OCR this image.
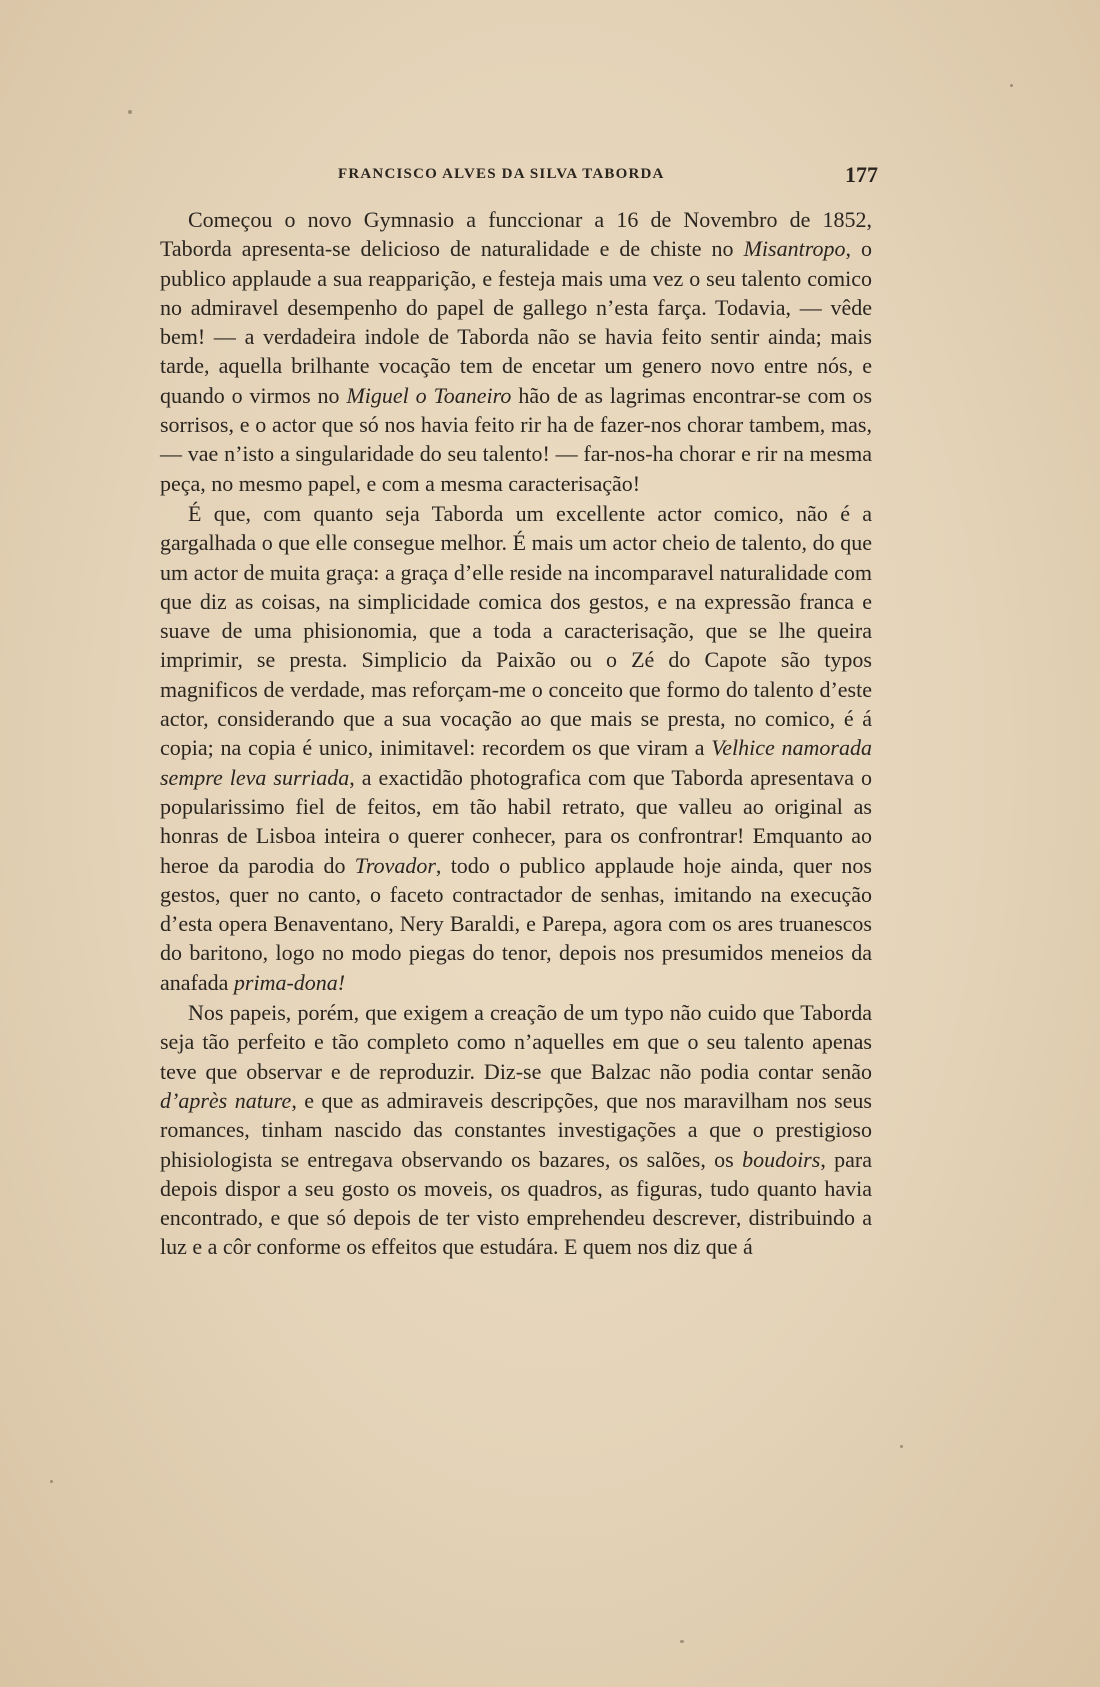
FRANCISCO ALVES DA SILVA TABORDA	177

Começou o novo Gymnasio a funccionar a 16 de Novembro de 1852, Taborda apresenta-se delicioso de naturalidade e de chiste no Misantropo, o publico applaude a sua reapparição, e festeja mais uma vez o seu talento comico no admiravel desempenho do papel de gallego n’esta farça. Todavia, — vêde bem! — a verdadeira indole de Taborda não se havia feito sentir ainda; mais tarde, aquella brilhante vocação tem de encetar um genero novo entre nós, e quando o virmos no Miguel o Toaneiro hão de as lagrimas encontrar-se com os sorrisos, e o actor que só nos havia feito rir ha de fazer-nos chorar tambem, mas, — vae n’isto a singularidade do seu talento! — far-nos-ha chorar e rir na mesma peça, no mesmo papel, e com a mesma caracterisação!

É que, com quanto seja Taborda um excellente actor comico, não é a gargalhada o que elle consegue melhor. É mais um actor cheio de talento, do que um actor de muita graça: a graça d’elle reside na incomparavel naturalidade com que diz as coisas, na simplicidade comica dos gestos, e na expressão franca e suave de uma phisionomia, que a toda a caracterisação, que se lhe queira imprimir, se presta. Simplicio da Paixão ou o Zé do Capote são typos magnificos de verdade, mas reforçam-me o conceito que formo do talento d’este actor, considerando que a sua vocação ao que mais se presta, no comico, é á copia; na copia é unico, inimitavel: recordem os que viram a Velhice namorada sempre leva surriada, a exactidão photografica com que Taborda apresentava o popularissimo fiel de feitos, em tão habil retrato, que valleu ao original as honras de Lisboa inteira o querer conhecer, para os confrontrar! Emquanto ao heroe da parodia do Trovador, todo o publico applaude hoje ainda, quer nos gestos, quer no canto, o faceto contractador de senhas, imitando na execução d’esta opera Benaventano, Nery Baraldi, e Parepa, agora com os ares truanescos do baritono, logo no modo piegas do tenor, depois nos presumidos meneios da anafada prima-dona!

Nos papeis, porém, que exigem a creação de um typo não cuido que Taborda seja tão perfeito e tão completo como n’aquelles em que o seu talento apenas teve que observar e de reproduzir. Diz-se que Balzac não podia contar senão d’après nature, e que as admiraveis descripções, que nos maravilham nos seus romances, tinham nascido das constantes investigações a que o prestigioso phisiologista se entregava observando os bazares, os salões, os boudoirs, para depois dispor a seu gosto os moveis, os quadros, as figuras, tudo quanto havia encontrado, e que só depois de ter visto emprehendeu descrever, distribuindo a luz e a côr conforme os effeitos que estudára. E quem nos diz que á
